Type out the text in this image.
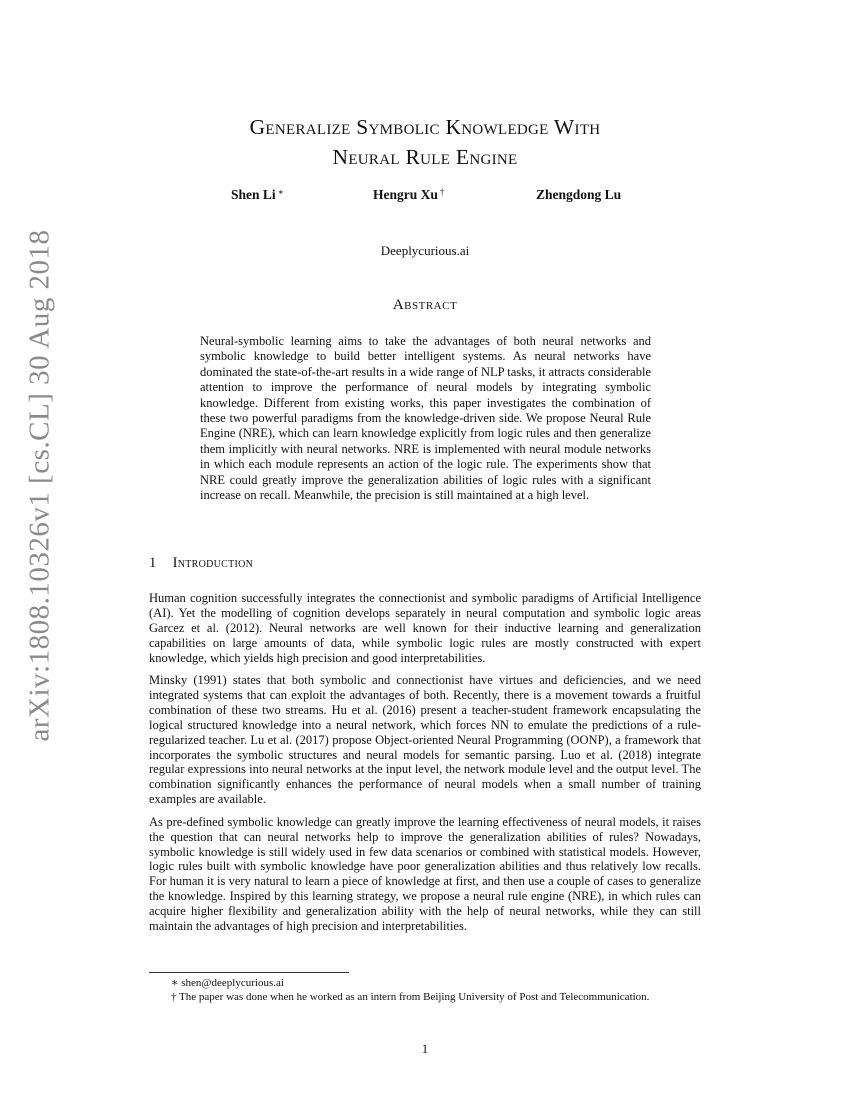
arXiv:1808.10326v1 [cs.CL] 30 Aug 2018
Generalize Symbolic Knowledge With
Neural Rule Engine
Shen Li ∗	Hengru Xu †	Zhengdong Lu
Deeplycurious.ai
Abstract
Neural-symbolic learning aims to take the advantages of both neural networks and symbolic knowledge to build better intelligent systems. As neural networks have dominated the state-of-the-art results in a wide range of NLP tasks, it attracts considerable attention to improve the performance of neural models by integrating symbolic knowledge. Different from existing works, this paper investigates the combination of these two powerful paradigms from the knowledge-driven side. We propose Neural Rule Engine (NRE), which can learn knowledge explicitly from logic rules and then generalize them implicitly with neural networks. NRE is implemented with neural module networks in which each module represents an action of the logic rule. The experiments show that NRE could greatly improve the generalization abilities of logic rules with a significant increase on recall. Meanwhile, the precision is still maintained at a high level.
1 Introduction

Human cognition successfully integrates the connectionist and symbolic paradigms of Artificial Intelligence (AI). Yet the modelling of cognition develops separately in neural computation and symbolic logic areas Garcez et al. (2012). Neural networks are well known for their inductive learning and generalization capabilities on large amounts of data, while symbolic logic rules are mostly constructed with expert knowledge, which yields high precision and good interpretabilities.

Minsky (1991) states that both symbolic and connectionist have virtues and deficiencies, and we need integrated systems that can exploit the advantages of both. Recently, there is a movement towards a fruitful combination of these two streams. Hu et al. (2016) present a teacher-student framework encapsulating the logical structured knowledge into a neural network, which forces NN to emulate the predictions of a rule-regularized teacher. Lu et al. (2017) propose Object-oriented Neural Programming (OONP), a framework that incorporates the symbolic structures and neural models for semantic parsing. Luo et al. (2018) integrate regular expressions into neural networks at the input level, the network module level and the output level. The combination significantly enhances the performance of neural models when a small number of training examples are available.

As pre-defined symbolic knowledge can greatly improve the learning effectiveness of neural models, it raises the question that can neural networks help to improve the generalization abilities of rules? Nowadays, symbolic knowledge is still widely used in few data scenarios or combined with statistical models. However, logic rules built with symbolic knowledge have poor generalization abilities and thus relatively low recalls. For human it is very natural to learn a piece of knowledge at first, and then use a couple of cases to generalize the knowledge. Inspired by this learning strategy, we propose a neural rule engine (NRE), in which rules can acquire higher flexibility and generalization ability with the help of neural networks, while they can still maintain the advantages of high precision and interpretabilities.

∗ shen@deeplycurious.ai
† The paper was done when he worked as an intern from Beijing University of Post and Telecommunication.
1
